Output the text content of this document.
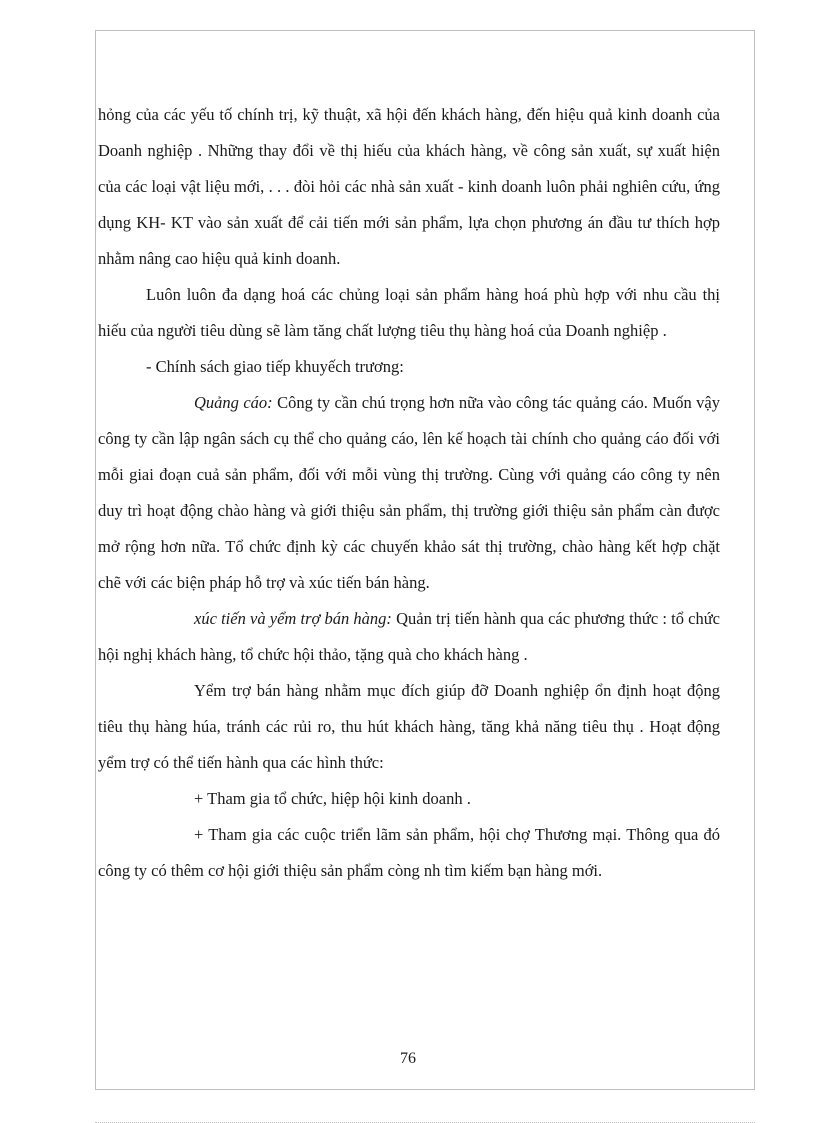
hỏng của các yếu tố chính trị, kỹ thuật, xã hội đến khách hàng, đến hiệu quả kinh doanh của Doanh nghiệp . Những thay đổi về thị hiếu của khách hàng, về công sản xuất, sự xuất hiện của các loại vật liệu mới, . . . đòi hỏi các nhà sản xuất - kinh doanh luôn phải nghiên cứu, ứng dụng KH- KT vào sản xuất để cải tiến mới sản phẩm, lựa chọn phương án đầu tư thích hợp nhằm nâng cao hiệu quả kinh doanh.

Luôn luôn đa dạng hoá các chủng loại sản phẩm hàng hoá phù hợp với nhu cầu thị hiếu của người tiêu dùng sẽ làm tăng chất lượng tiêu thụ hàng hoá của Doanh nghiệp .

- Chính sách giao tiếp khuyếch trương:

Quảng cáo: Công ty cần chú trọng hơn nữa vào công tác quảng cáo. Muốn vậy công ty cần lập ngân sách cụ thể cho quảng cáo, lên kế hoạch tài chính cho quảng cáo đối với mỗi giai đoạn cuả sản phẩm, đối với mỗi vùng thị trường. Cùng với quảng cáo công ty nên duy trì hoạt động chào hàng và giới thiệu sản phẩm, thị trường giới thiệu sản phẩm càn được mở rộng hơn nữa. Tổ chức định kỳ các chuyến khảo sát thị trường, chào hàng kết hợp chặt chẽ với các biện pháp hỗ trợ và xúc tiến bán hàng.

xúc tiến và yểm trợ bán hàng: Quản trị tiến hành qua các phương thức : tổ chức hội nghị khách hàng, tổ chức hội thảo, tặng quà cho khách hàng .

Yểm trợ bán hàng nhằm mục đích giúp đỡ Doanh nghiệp ổn định hoạt động tiêu thụ hàng húa, tránh các rủi ro, thu hút khách hàng, tăng khả năng tiêu thụ . Hoạt động yểm trợ có thể tiến hành qua các hình thức:

+ Tham gia tổ chức, hiệp hội kinh doanh .

+ Tham gia các cuộc triển lãm sản phẩm, hội chợ Thương mại. Thông qua đó công ty có thêm cơ hội giới thiệu sản phẩm còng nh tìm kiếm bạn hàng mới.

76
